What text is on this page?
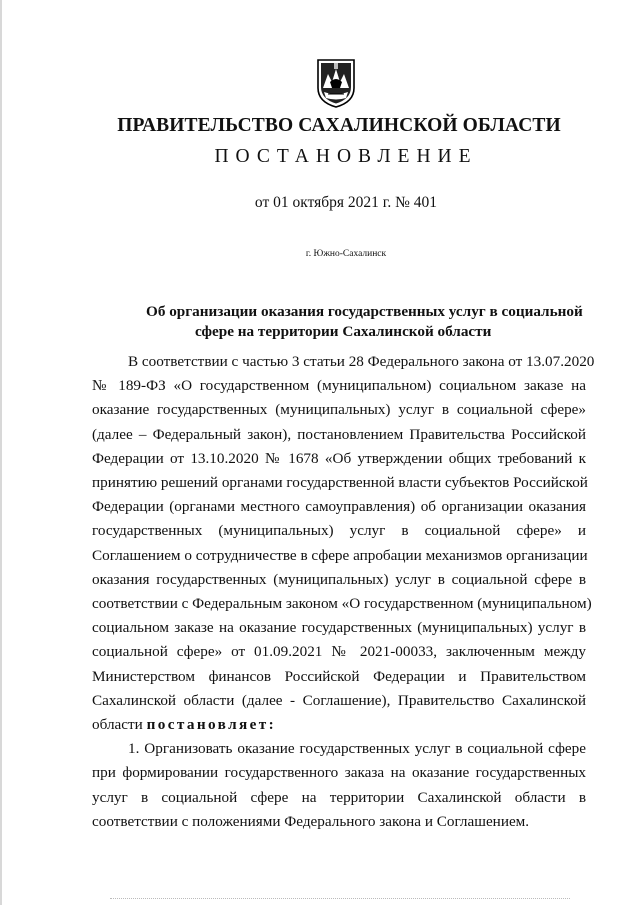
ПРАВИТЕЛЬСТВО САХАЛИНСКОЙ ОБЛАСТИ
ПОСТАНОВЛЕНИЕ
от 01 октября 2021 г. № 401
г. Южно-Сахалинск
Об организации оказания государственных услуг в социальной
сфере на территории Сахалинской области
В соответствии с частью 3 статьи 28 Федерального закона от 13.07.2020
№ 189-ФЗ «О государственном (муниципальном) социальном заказе на
оказание государственных (муниципальных) услуг в социальной сфере»
(далее – Федеральный закон), постановлением Правительства Российской
Федерации от 13.10.2020 № 1678 «Об утверждении общих требований к
принятию решений органами государственной власти субъектов Российской
Федерации (органами местного самоуправления) об организации оказания
государственных (муниципальных) услуг в социальной сфере» и
Соглашением о сотрудничестве в сфере апробации механизмов организации
оказания государственных (муниципальных) услуг в социальной сфере в
соответствии с Федеральным законом «О государственном (муниципальном)
социальном заказе на оказание государственных (муниципальных) услуг в
социальной сфере» от 01.09.2021 № 2021-00033, заключенным между
Министерством финансов Российской Федерации и Правительством
Сахалинской области (далее - Соглашение), Правительство Сахалинской
области постановляет:
1. Организовать оказание государственных услуг в социальной сфере
при формировании государственного заказа на оказание государственных
услуг в социальной сфере на территории Сахалинской области в
соответствии с положениями Федерального закона и Соглашением.
